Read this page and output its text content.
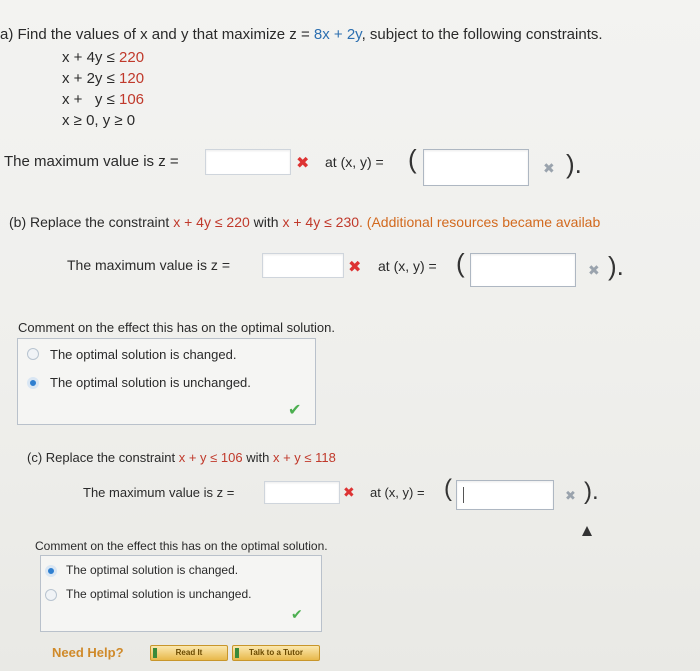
a) Find the values of x and y that maximize z = 8x + 2y, subject to the following constraints.
x + 4y ≤ 220
x + 2y ≤ 120
x +   y ≤ 106
x ≥ 0, y ≥ 0
The maximum value is z =	✖ at (x, y) = (	✖ ).
(b) Replace the constraint x + 4y ≤ 220 with x + 4y ≤ 230. (Additional resources became availab
The maximum value is z =	✖ at (x, y) = (	✖ ).
Comment on the effect this has on the optimal solution.
The optimal solution is changed.
The optimal solution is unchanged.
✔
(c) Replace the constraint x + y ≤ 106 with x + y ≤ 118
The maximum value is z =	✖ at (x, y) = (	✖ ).
Comment on the effect this has on the optimal solution.
The optimal solution is changed.
The optimal solution is unchanged.
✔
Need Help?	Read It	Talk to a Tutor
